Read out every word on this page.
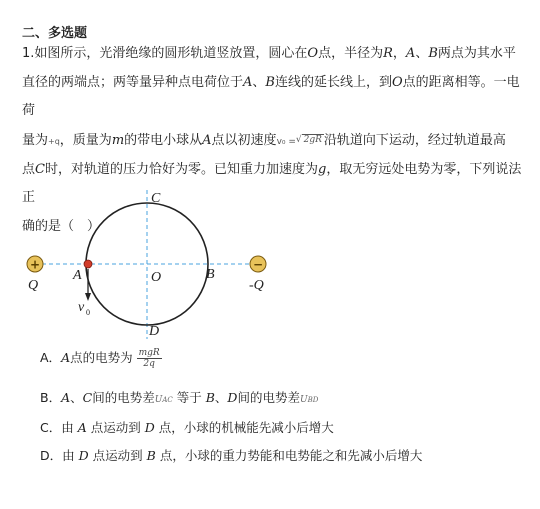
二、多选题
1.如图所示，光滑绝缘的圆形轨道竖放置，圆心在O点，半径为R，A、B两点为其水平
直径的两端点；两等量异种点电荷位于A、B连线的延长线上，到O点的距离相等。一电荷
量为+q，质量为m的带电小球从A点以初速度v₀ =√ 2gR 沿轨道向下运动，经过轨道最高
点C时，对轨道的压力恰好为零。已知重力加速度为g，取无穷远处电势为零，下列说法正
确的是（　）
+	−
C
D
A	O	B
Q	-Q
v 0
A．A点的电势为 $\frac{\text{mgR}}{2q}$
B．A、C间的电势差UAC 等于 B、D间的电势差UBD
C．由 A 点运动到 D 点，小球的机械能先减小后增大
D．由 D 点运动到 B 点，小球的重力势能和电势能之和先减小后增大
